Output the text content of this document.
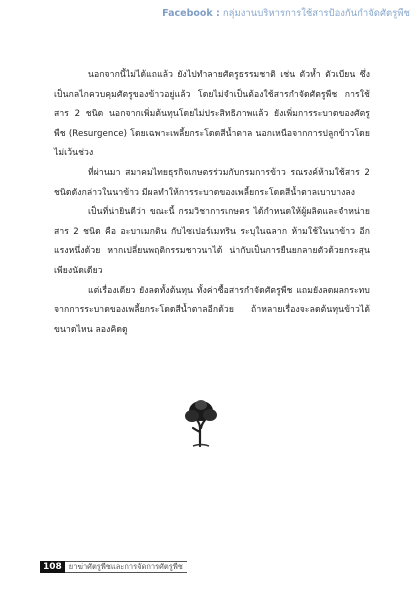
Facebook : กลุ่มงานบริหารการใช้สารป้องกันกำจัดศัตรูพืช

นอกจากนี้ไม่ได้แถแล้ว ยังไปทำลายศัตรูธรรมชาติ เช่น ตัวห้ำ ตัวเบียน ซึ่งเป็นกลไกควบคุมศัตรูของข้าวอยู่แล้ว โดยไม่จำเป็นต้องใช้สารกำจัดศัตรูพืช การใช้สาร 2 ชนิด นอกจากเพิ่มต้นทุนโดยไม่ประสิทธิภาพแล้ว ยังเพิ่มการระบาดของศัตรูพืช (Resurgence) โดยเฉพาะเพลี้ยกระโดดสีน้ำตาล นอกเหนือจากการปลูกข้าวโดยไม่เว้นช่วง

ที่ผ่านมา สมาคมไทยธุรกิจเกษตรร่วมกับกรมการข้าว รณรงค์ห้ามใช้สาร 2 ชนิดดังกล่าวในนาข้าว มีผลทำให้การระบาดของเพลี้ยกระโดดสีน้ำตาลเบาบางลง

เป็นที่น่ายินดีว่า ขณะนี้ กรมวิชาการเกษตร ได้กำหนดให้ผู้ผลิตและจำหน่ายสาร 2 ชนิด คือ อะบาเมกติน กับไซเปอร์เมทริน ระบุในฉลาก ห้ามใช้ในนาข้าว อีกแรงหนึ่งด้วย หากเปลี่ยนพฤติกรรมชาวนาได้ น่ากับเป็นการยืนยกลายตัวด้วยกระสุนเพียงนัดเดียว

แต่เรื่องเดียว ยังลดทั้งต้นทุน ทั้งค่าซื้อสารกำจัดศัตรูพืช แถมยังลดผลกระทบจากการระบาดของเพลี้ยกระโดดสีน้ำตาลอีกด้วย ถ้าหลายเรื่องจะลดต้นทุนข้าวได้ขนาดไหน ลองคิดดู

108 ยาฆ่าศัตรูพืชและการจัดการศัตรูพืช
